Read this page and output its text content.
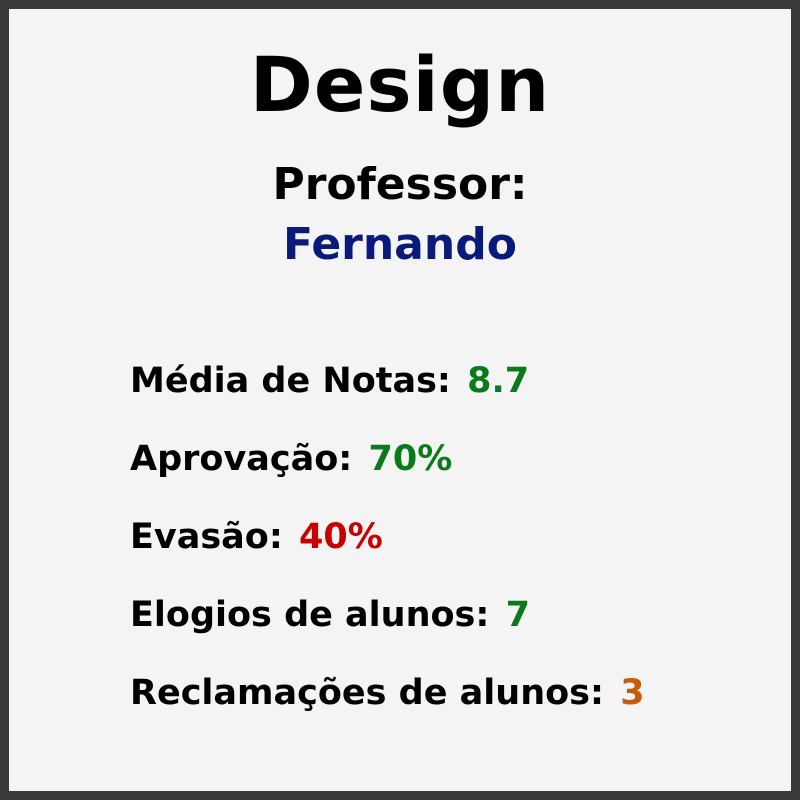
Design
Professor:
Fernando
Média de Notas: 8.7
Aprovação: 70%
Evasão: 40%
Elogios de alunos: 7
Reclamações de alunos: 3
